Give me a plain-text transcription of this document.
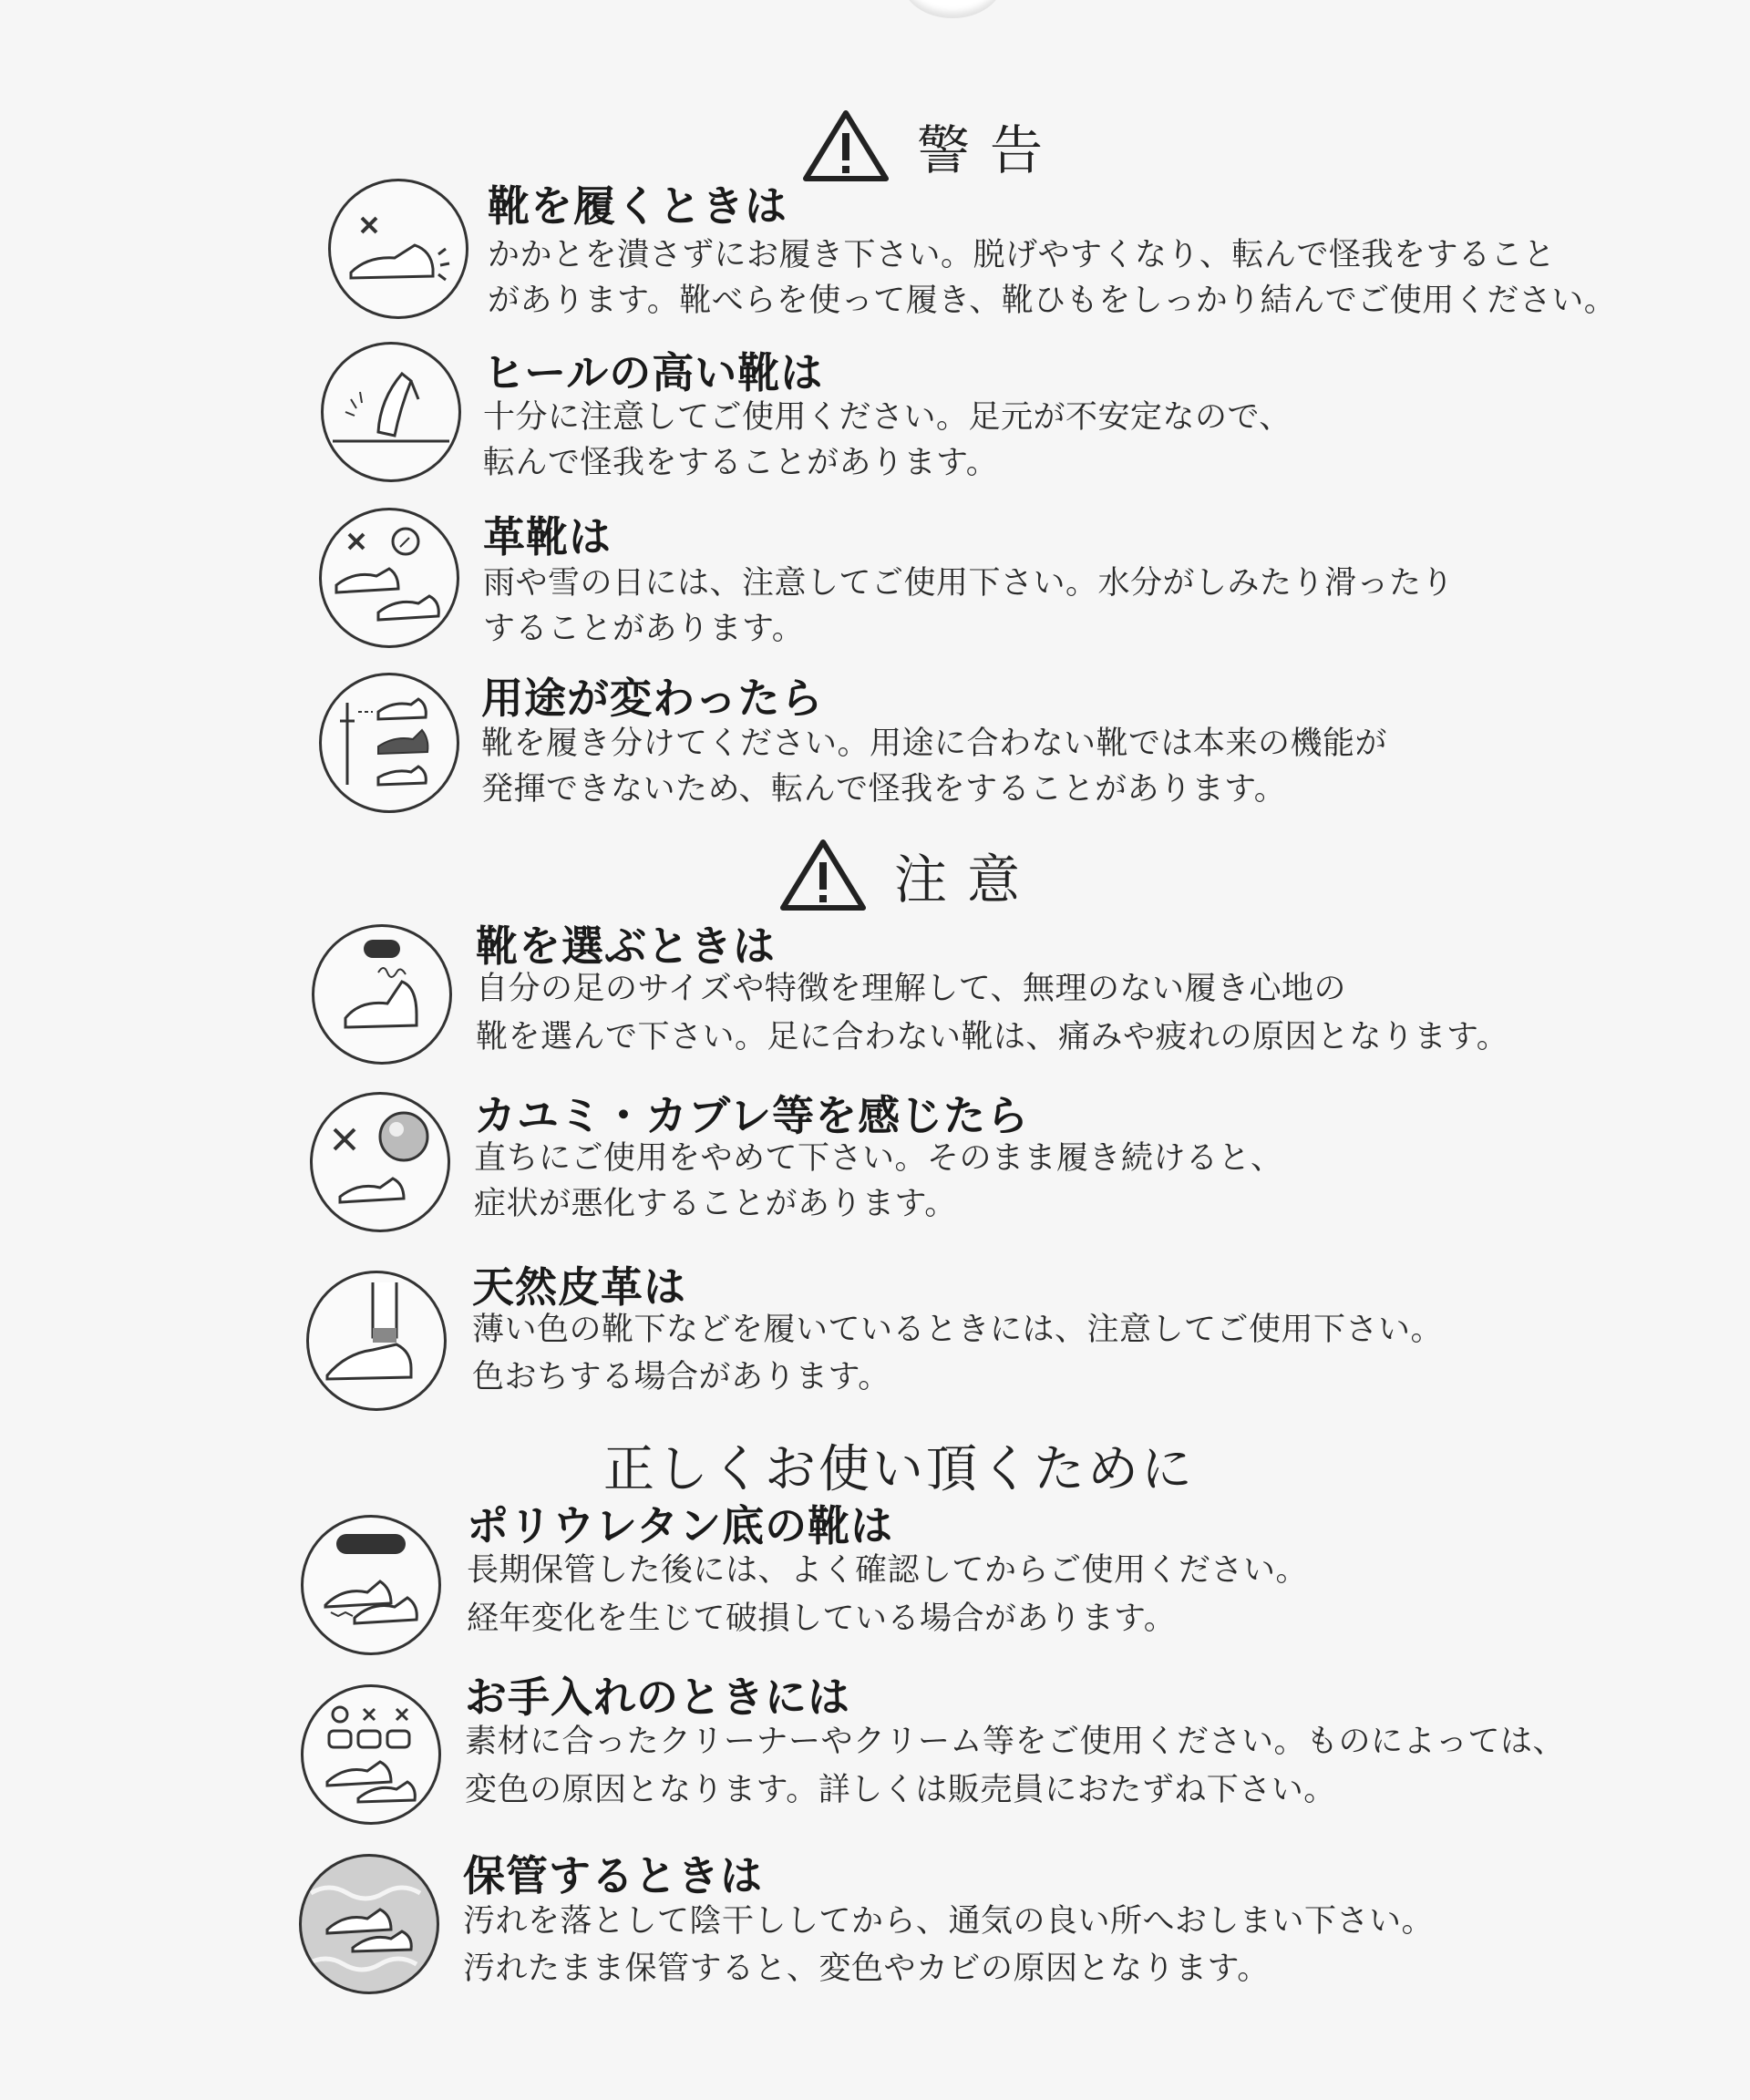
警告
靴を履くときは
かかとを潰さずにお履き下さい。脱げやすくなり、転んで怪我をすること
があります。靴べらを使って履き、靴ひもをしっかり結んでご使用ください。
ヒールの高い靴は
十分に注意してご使用ください。足元が不安定なので、
転んで怪我をすることがあります。
革靴は
雨や雪の日には、注意してご使用下さい。水分がしみたり滑ったり
することがあります。
用途が変わったら
靴を履き分けてください。用途に合わない靴では本来の機能が
発揮できないため、転んで怪我をすることがあります。
注意
靴を選ぶときは
自分の足のサイズや特徴を理解して、無理のない履き心地の
靴を選んで下さい。足に合わない靴は、痛みや疲れの原因となります。
カユミ・カブレ等を感じたら
直ちにご使用をやめて下さい。そのまま履き続けると、
症状が悪化することがあります。
天然皮革は
薄い色の靴下などを履いているときには、注意してご使用下さい。
色おちする場合があります。
正しくお使い頂くために
ポリウレタン底の靴は
長期保管した後には、よく確認してからご使用ください。
経年変化を生じて破損している場合があります。
お手入れのときには
素材に合ったクリーナーやクリーム等をご使用ください。ものによっては、
変色の原因となります。詳しくは販売員におたずね下さい。
保管するときは
汚れを落として陰干ししてから、通気の良い所へおしまい下さい。
汚れたまま保管すると、変色やカビの原因となります。
